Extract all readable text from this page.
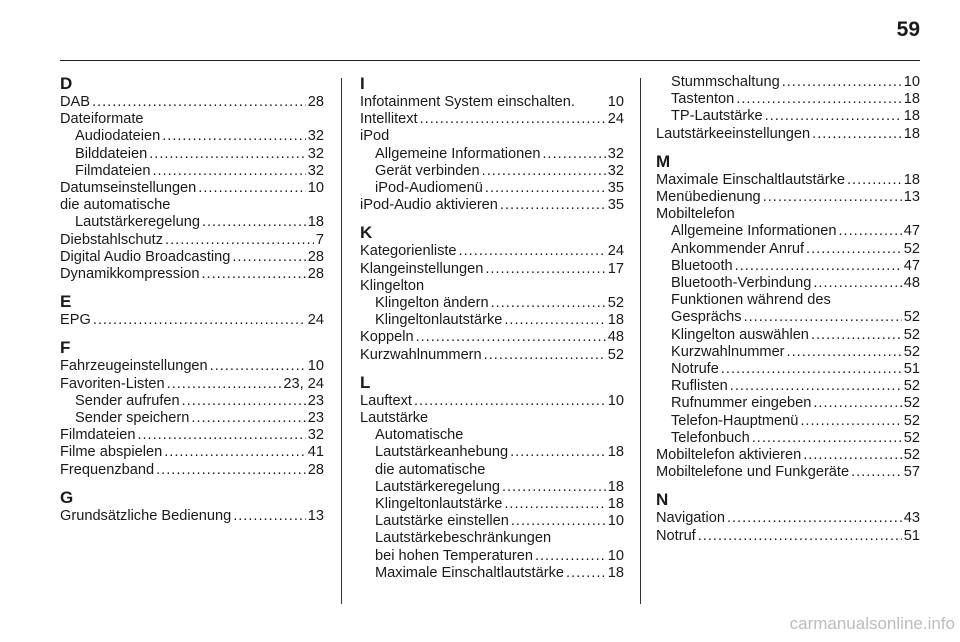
59
D
DAB .....	28
Dateiformate
Audiodateien .....	32
Bilddateien .....	32
Filmdateien .....	32
Datumseinstellungen .....	10
die automatische
Lautstärkeregelung .....	18
Diebstahlschutz .....	7
Digital Audio Broadcasting .....	28
Dynamikkompression .....	28
E
EPG .....	24
F
Fahrzeugeinstellungen .....	10
Favoriten-Listen .....	23, 24
Sender aufrufen .....	23
Sender speichern .....	23
Filmdateien .....	32
Filme abspielen .....	41
Frequenzband .....	28
G
Grundsätzliche Bedienung .....	13
I
Infotainment System einschalten. 10
Intellitext .....	24
iPod
Allgemeine Informationen .....	32
Gerät verbinden .....	32
iPod-Audiomenü .....	35
iPod-Audio aktivieren .....	35
K
Kategorienliste .....	24
Klangeinstellungen .....	17
Klingelton
Klingelton ändern .....	52
Klingeltonlautstärke .....	18
Koppeln .....	48
Kurzwahlnummern .....	52
L
Lauftext .....	10
Lautstärke
Automatische
Lautstärkeanhebung .....	18
die automatische
Lautstärkeregelung .....	18
Klingeltonlautstärke .....	18
Lautstärke einstellen .....	10
Lautstärkebeschränkungen
bei hohen Temperaturen .....	10
Maximale Einschaltlautstärke .....	18
Stummschaltung .....	10
Tastenton .....	18
TP-Lautstärke .....	18
Lautstärkeeinstellungen .....	18
M
Maximale Einschaltlautstärke .....	18
Menübedienung .....	13
Mobiltelefon
Allgemeine Informationen .....	47
Ankommender Anruf .....	52
Bluetooth .....	47
Bluetooth-Verbindung .....	48
Funktionen während des
Gesprächs .....	52
Klingelton auswählen .....	52
Kurzwahlnummer .....	52
Notrufe .....	51
Ruflisten .....	52
Rufnummer eingeben .....	52
Telefon-Hauptmenü .....	52
Telefonbuch .....	52
Mobiltelefon aktivieren .....	52
Mobiltelefone und Funkgeräte .....	57
N
Navigation .....	43
Notruf .....	51
carmanualsonline.info
